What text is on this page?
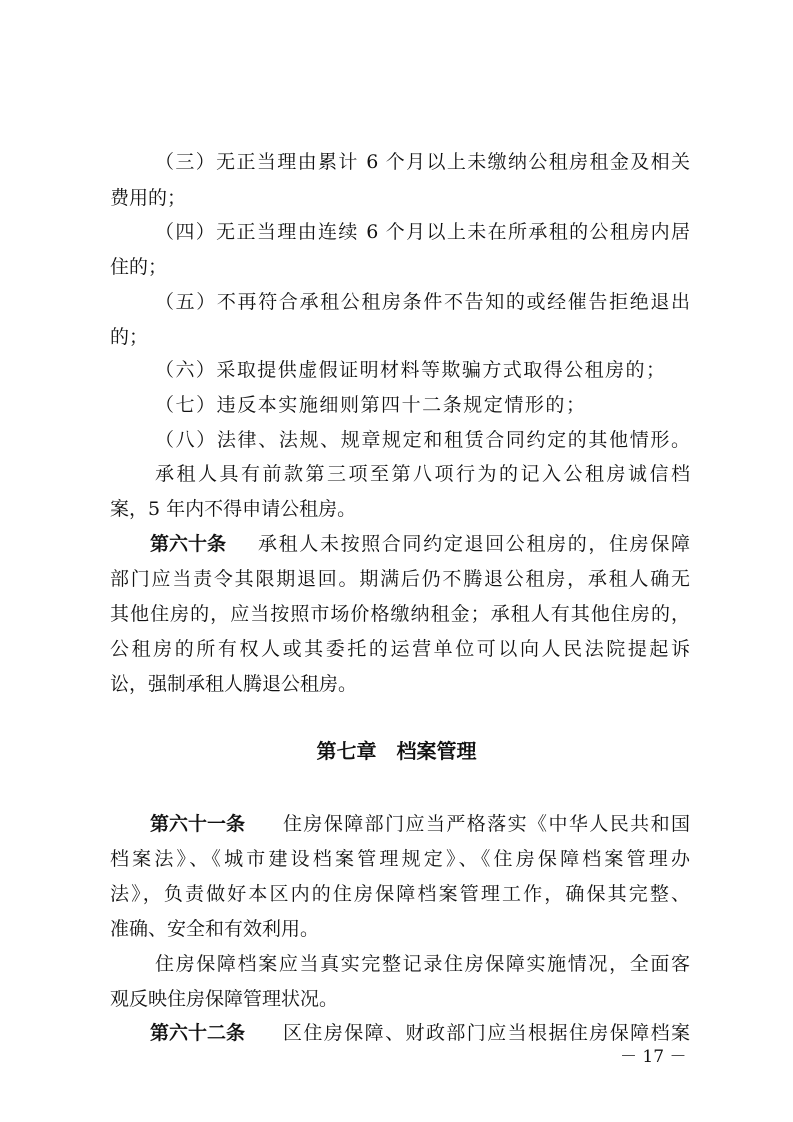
（三）无正当理由累计 6 个月以上未缴纳公租房租金及相关
费用的；
（四）无正当理由连续 6 个月以上未在所承租的公租房内居
住的；
（五）不再符合承租公租房条件不告知的或经催告拒绝退出
的；
（六）采取提供虚假证明材料等欺骗方式取得公租房的；
（七）违反本实施细则第四十二条规定情形的；
（八）法律、法规、规章规定和租赁合同约定的其他情形。
承租人具有前款第三项至第八项行为的记入公租房诚信档
案，5 年内不得申请公租房。
第六十条 承租人未按照合同约定退回公租房的，住房保障
部门应当责令其限期退回。期满后仍不腾退公租房，承租人确无
其他住房的，应当按照市场价格缴纳租金；承租人有其他住房的，
公租房的所有权人或其委托的运营单位可以向人民法院提起诉
讼，强制承租人腾退公租房。
第七章　档案管理
第六十一条 住房保障部门应当严格落实《中华人民共和国
档案法》、《城市建设档案管理规定》、《住房保障档案管理办
法》，负责做好本区内的住房保障档案管理工作，确保其完整、
准确、安全和有效利用。
住房保障档案应当真实完整记录住房保障实施情况，全面客
观反映住房保障管理状况。
第六十二条 区住房保障、财政部门应当根据住房保障档案
－ 17 －
